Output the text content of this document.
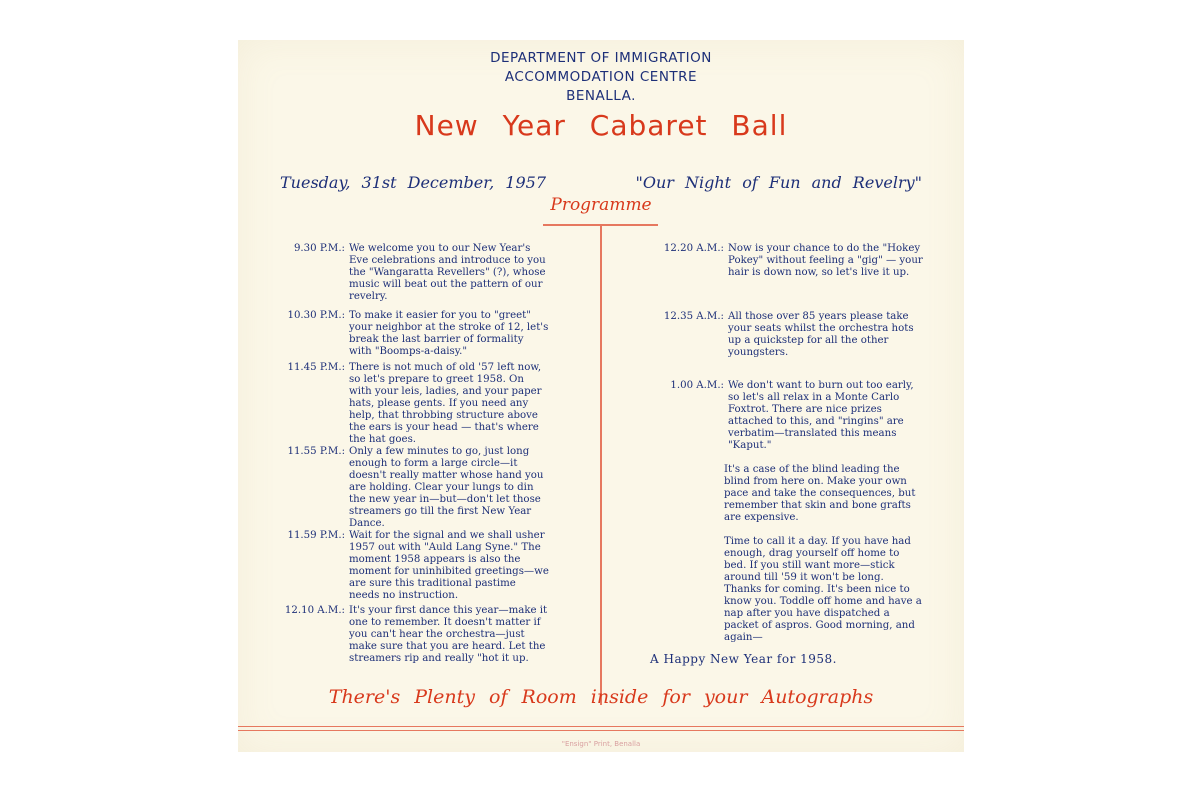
DEPARTMENT OF IMMIGRATION
ACCOMMODATION CENTRE
BENALLA.
New Year Cabaret Ball
Tuesday, 31st December, 1957	"Our Night of Fun and Revelry"
Programme
9.30 P.M.: We welcome you to our New Year's Eve celebrations and introduce to you the "Wangaratta Revellers" (?), whose music will beat out the pattern of our revelry.
10.30 P.M.: To make it easier for you to "greet" your neighbor at the stroke of 12, let's break the last barrier of formality with "Boomps-a-daisy."
11.45 P.M.: There is not much of old '57 left now, so let's prepare to greet 1958. On with your leis, ladies, and your paper hats, please gents. If you need any help, that throbbing structure above the ears is your head — that's where the hat goes.
11.55 P.M.: Only a few minutes to go, just long enough to form a large circle—it doesn't really matter whose hand you are holding. Clear your lungs to din the new year in—but—don't let those streamers go till the first New Year Dance.
11.59 P.M.: Wait for the signal and we shall usher 1957 out with "Auld Lang Syne." The moment 1958 appears is also the moment for uninhibited greetings—we are sure this traditional pastime needs no instruction.
12.10 A.M.: It's your first dance this year—make it one to remember. It doesn't matter if you can't hear the orchestra—just make sure that you are heard. Let the streamers rip and really "hot it up.
12.20 A.M.: Now is your chance to do the "Hokey Pokey" without feeling a "gig" — your hair is down now, so let's live it up.
12.35 A.M.: All those over 85 years please take your seats whilst the orchestra hots up a quickstep for all the other youngsters.
1.00 A.M.: We don't want to burn out too early, so let's all relax in a Monte Carlo Foxtrot. There are nice prizes attached to this, and "ringins" are verbatim—translated this means "Kaput."
It's a case of the blind leading the blind from here on. Make your own pace and take the consequences, but remember that skin and bone grafts are expensive.
Time to call it a day. If you have had enough, drag yourself off home to bed. If you still want more—stick around till '59 it won't be long. Thanks for coming. It's been nice to know you. Toddle off home and have a nap after you have dispatched a packet of aspros. Good morning, and again—
A Happy New Year for 1958.
There's Plenty of Room inside for your Autographs
"Ensign" Print, Benalla
